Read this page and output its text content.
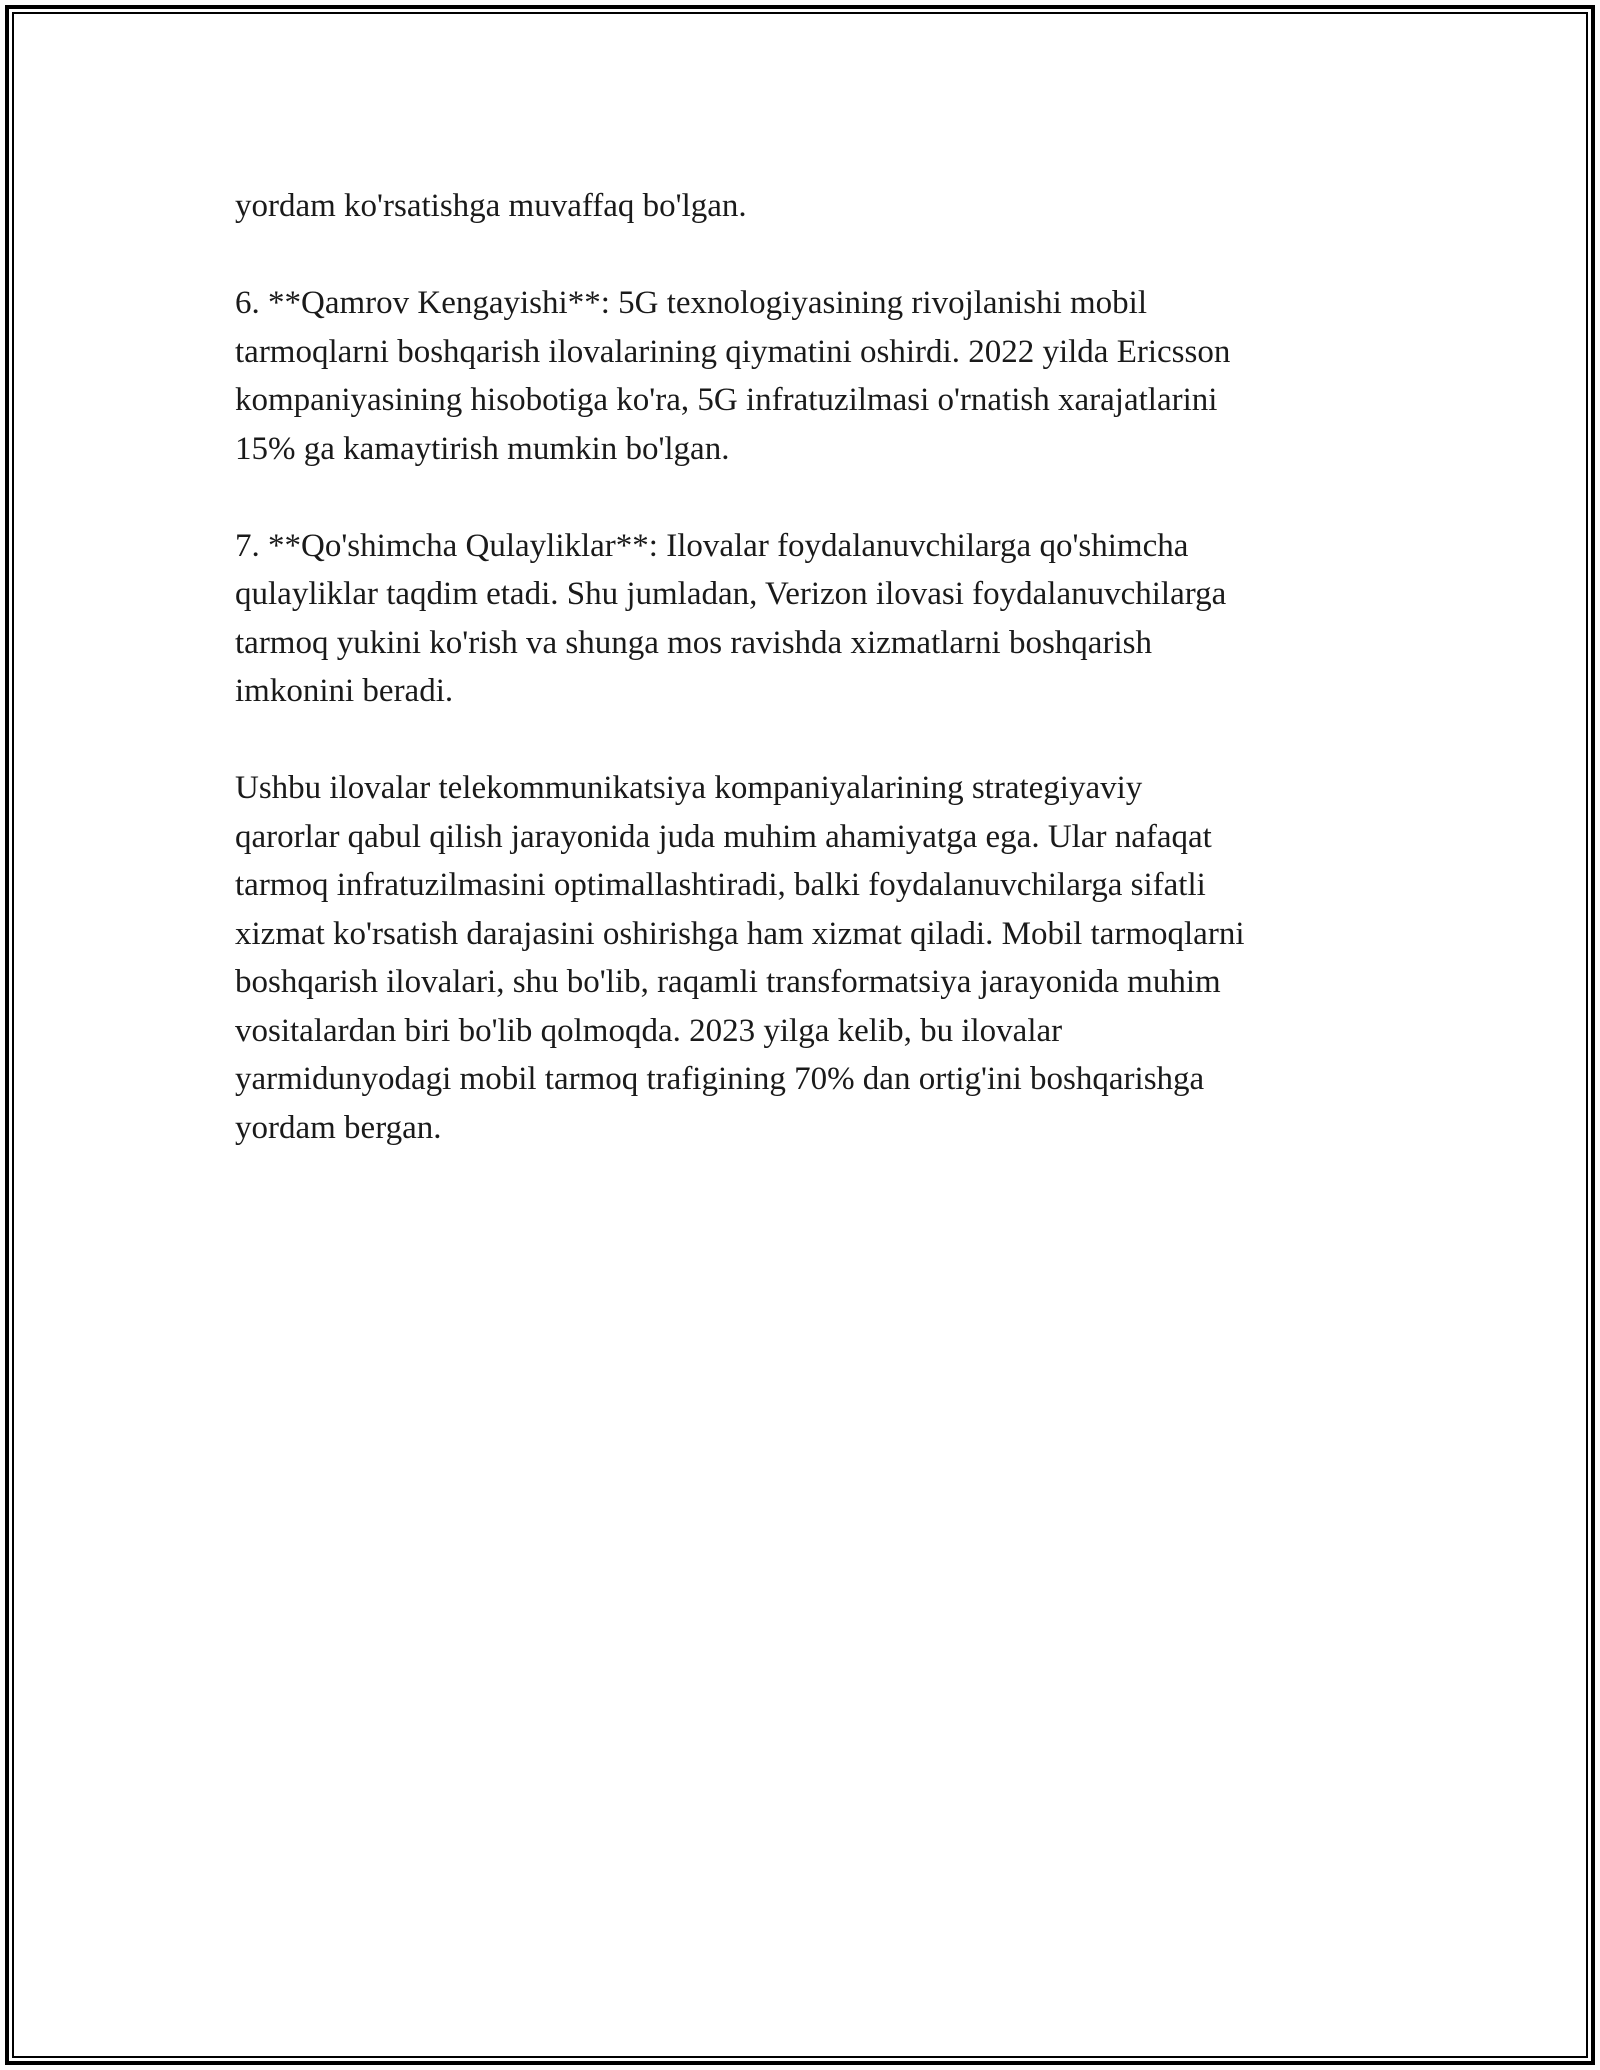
yordam ko'rsatishga muvaffaq bo'lgan.

6. **Qamrov Kengayishi**: 5G texnologiyasining rivojlanishi mobil
tarmoqlarni boshqarish ilovalarining qiymatini oshirdi. 2022 yilda Ericsson
kompaniyasining hisobotiga ko'ra, 5G infratuzilmasi o'rnatish xarajatlarini
15% ga kamaytirish mumkin bo'lgan.

7. **Qo'shimcha Qulayliklar**: Ilovalar foydalanuvchilarga qo'shimcha
qulayliklar taqdim etadi. Shu jumladan, Verizon ilovasi foydalanuvchilarga
tarmoq yukini ko'rish va shunga mos ravishda xizmatlarni boshqarish
imkonini beradi.

Ushbu ilovalar telekommunikatsiya kompaniyalarining strategiyaviy
qarorlar qabul qilish jarayonida juda muhim ahamiyatga ega. Ular nafaqat
tarmoq infratuzilmasini optimallashtiradi, balki foydalanuvchilarga sifatli
xizmat ko'rsatish darajasini oshirishga ham xizmat qiladi. Mobil tarmoqlarni
boshqarish ilovalari, shu bo'lib, raqamli transformatsiya jarayonida muhim
vositalardan biri bo'lib qolmoqda. 2023 yilga kelib, bu ilovalar
yarmidunyodagi mobil tarmoq trafigining 70% dan ortig'ini boshqarishga
yordam bergan.
